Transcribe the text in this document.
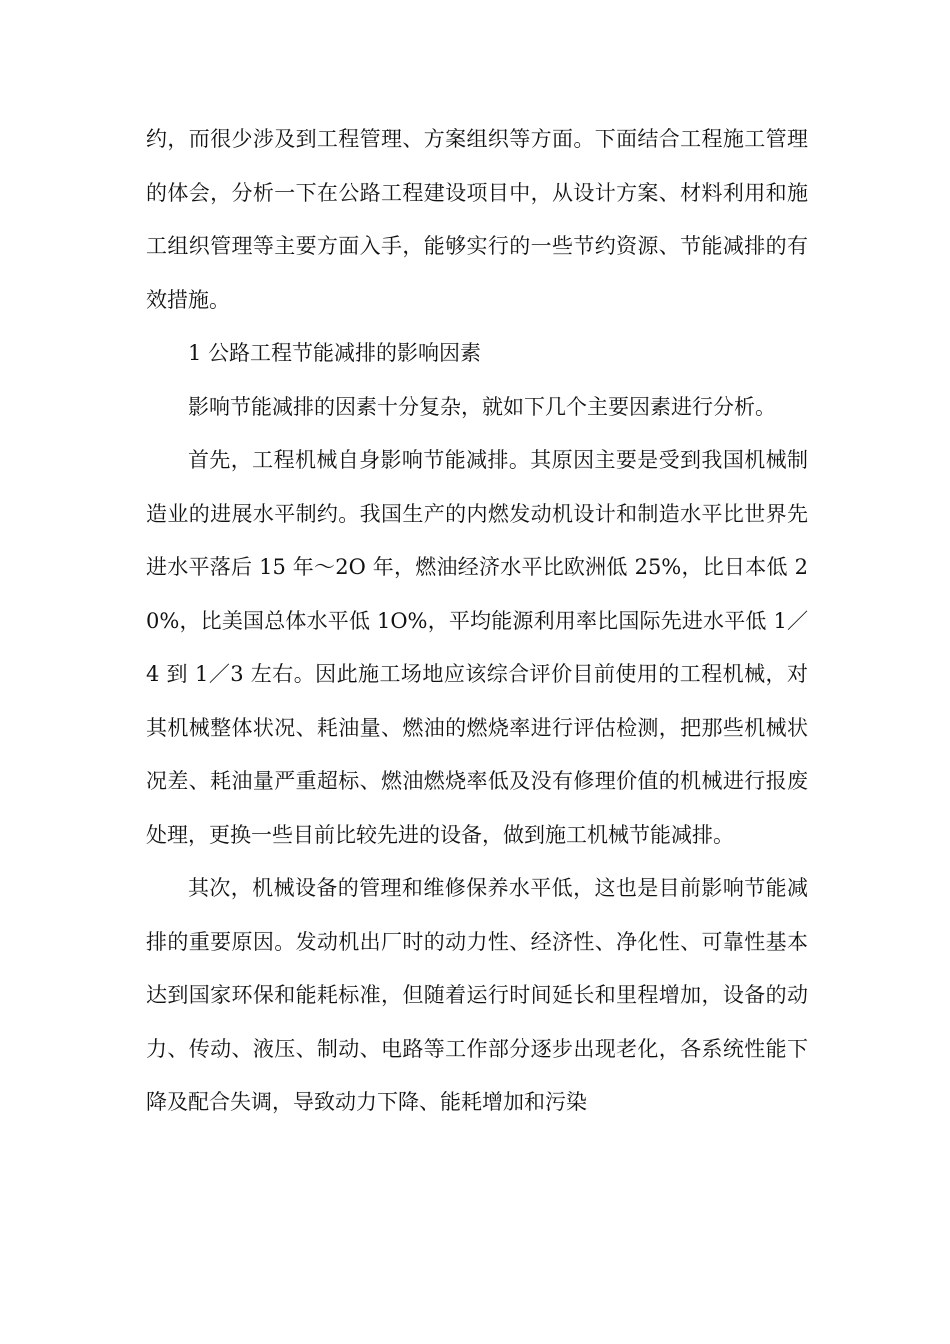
约，而很少涉及到工程管理、方案组织等方面。下面结合工程施工管理的体会，分析一下在公路工程建设项目中，从设计方案、材料利用和施工组织管理等主要方面入手，能够实行的一些节约资源、节能减排的有效措施。

1 公路工程节能减排的影响因素

影响节能减排的因素十分复杂，就如下几个主要因素进行分析。

首先，工程机械自身影响节能减排。其原因主要是受到我国机械制造业的进展水平制约。我国生产的内燃发动机设计和制造水平比世界先进水平落后 15 年～2O 年，燃油经济水平比欧洲低 25%，比日本低 20%，比美国总体水平低 1O%，平均能源利用率比国际先进水平低 1／4 到 1／3 左右。因此施工场地应该综合评价目前使用的工程机械，对其机械整体状况、耗油量、燃油的燃烧率进行评估检测，把那些机械状况差、耗油量严重超标、燃油燃烧率低及没有修理价值的机械进行报废处理，更换一些目前比较先进的设备，做到施工机械节能减排。

其次，机械设备的管理和维修保养水平低，这也是目前影响节能减排的重要原因。发动机出厂时的动力性、经济性、净化性、可靠性基本达到国家环保和能耗标准，但随着运行时间延长和里程增加，设备的动力、传动、液压、制动、电路等工作部分逐步出现老化，各系统性能下降及配合失调，导致动力下降、能耗增加和污染
